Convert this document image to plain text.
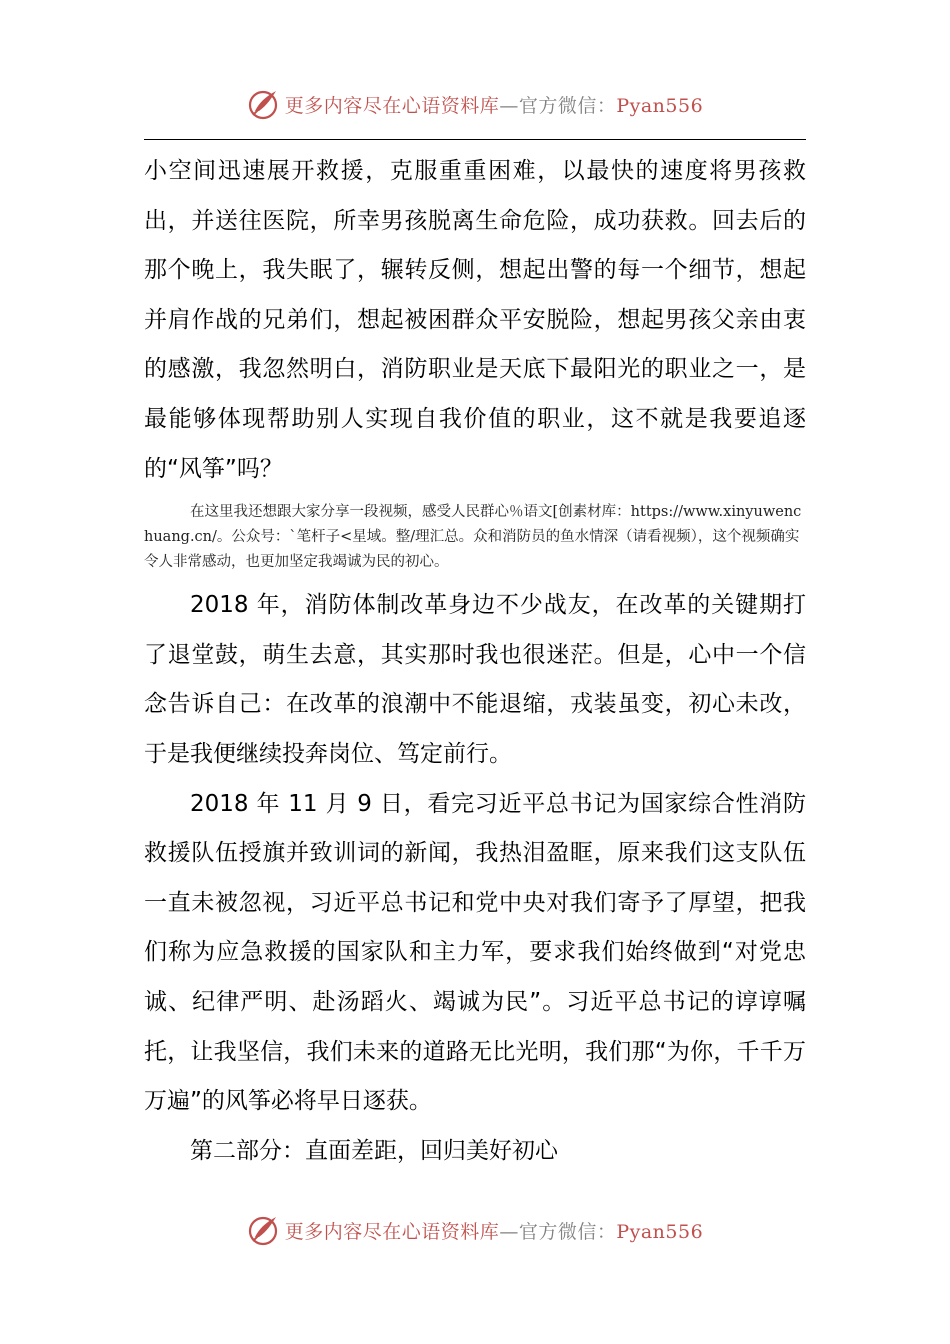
更多内容尽在心语资料库—官方微信：Pyan556

小空间迅速展开救援，克服重重困难，以最快的速度将男孩救出，并送往医院，所幸男孩脱离生命危险，成功获救。回去后的那个晚上，我失眠了，辗转反侧，想起出警的每一个细节，想起并肩作战的兄弟们，想起被困群众平安脱险，想起男孩父亲由衷的感激，我忽然明白，消防职业是天底下最阳光的职业之一，是最能够体现帮助别人实现自我价值的职业，这不就是我要追逐的“风筝”吗？

在这里我还想跟大家分享一段视频，感受人民群心％语文[创素材库：https://www.xinyuwenchuang.cn/。公众号：`笔杆子<星域。整/理汇总。众和消防员的鱼水情深（请看视频），这个视频确实令人非常感动，也更加坚定我竭诚为民的初心。

2018 年，消防体制改革身边不少战友，在改革的关键期打了退堂鼓，萌生去意，其实那时我也很迷茫。但是，心中一个信念告诉自己：在改革的浪潮中不能退缩，戎装虽变，初心未改，于是我便继续投奔岗位、笃定前行。

2018 年 11 月 9 日，看完习近平总书记为国家综合性消防救援队伍授旗并致训词的新闻，我热泪盈眶，原来我们这支队伍一直未被忽视，习近平总书记和党中央对我们寄予了厚望，把我们称为应急救援的国家队和主力军，要求我们始终做到“对党忠诚、纪律严明、赴汤蹈火、竭诚为民”。习近平总书记的谆谆嘱托，让我坚信，我们未来的道路无比光明，我们那“为你，千千万万遍”的风筝必将早日逐获。

第二部分：直面差距，回归美好初心

更多内容尽在心语资料库—官方微信：Pyan556
